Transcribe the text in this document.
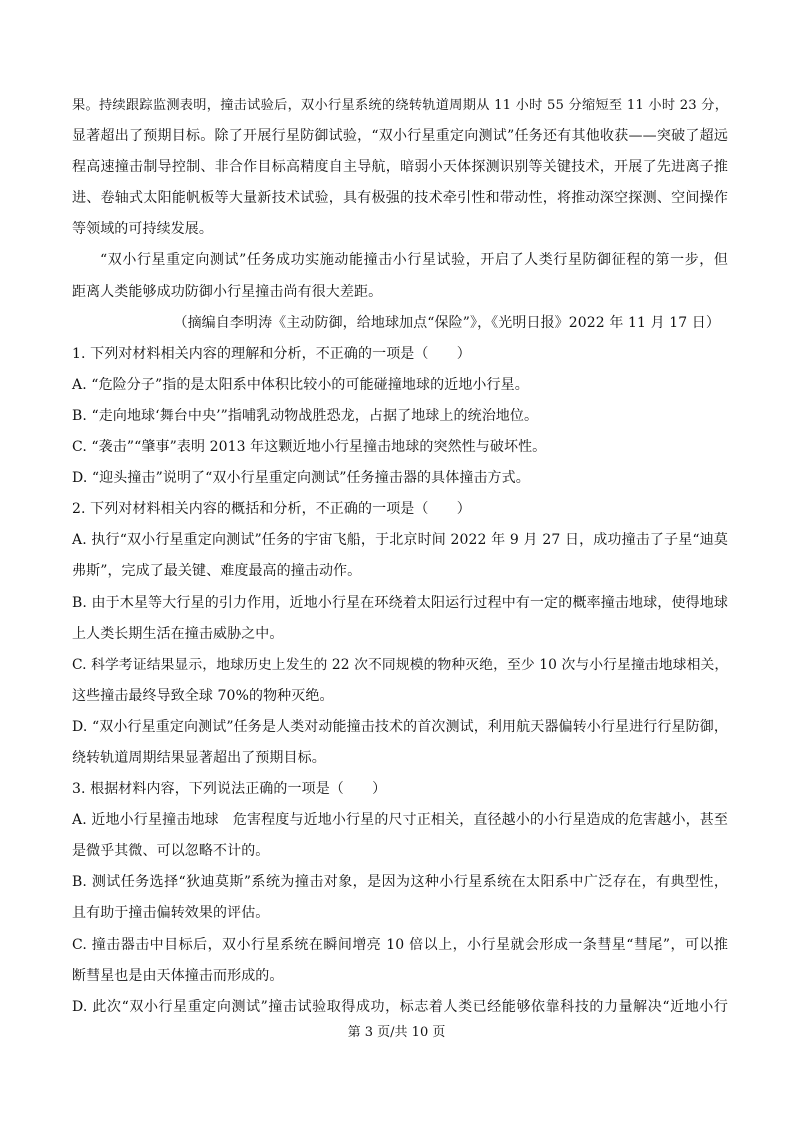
果。持续跟踪监测表明，撞击试验后，双小行星系统的绕转轨道周期从 11 小时 55 分缩短至 11 小时 23 分，
显著超出了预期目标。除了开展行星防御试验，“双小行星重定向测试”任务还有其他收获——突破了超远
程高速撞击制导控制、非合作目标高精度自主导航，暗弱小天体探测识别等关键技术，开展了先进离子推
进、卷轴式太阳能帆板等大量新技术试验，具有极强的技术牵引性和带动性，将推动深空探测、空间操作
等领域的可持续发展。
“双小行星重定向测试”任务成功实施动能撞击小行星试验，开启了人类行星防御征程的第一步，但
距离人类能够成功防御小行星撞击尚有很大差距。
（摘编自李明涛《主动防御，给地球加点“保险”》，《光明日报》2022 年 11 月 17 日）
1. 下列对材料相关内容的理解和分析，不正确的一项是（　　）
A. “危险分子”指的是太阳系中体积比较小的可能碰撞地球的近地小行星。
B. “走向地球‘舞台中央’”指哺乳动物战胜恐龙，占据了地球上的统治地位。
C. “袭击”“肇事”表明 2013 年这颗近地小行星撞击地球的突然性与破坏性。
D. “迎头撞击”说明了“双小行星重定向测试”任务撞击器的具体撞击方式。
2. 下列对材料相关内容的概括和分析，不正确的一项是（　　）
A. 执行“双小行星重定向测试”任务的宇宙飞船，于北京时间 2022 年 9 月 27 日，成功撞击了子星“迪莫
弗斯”，完成了最关键、难度最高的撞击动作。
B. 由于木星等大行星的引力作用，近地小行星在环绕着太阳运行过程中有一定的概率撞击地球，使得地球
上人类长期生活在撞击威胁之中。
C. 科学考证结果显示，地球历史上发生的 22 次不同规模的物种灭绝，至少 10 次与小行星撞击地球相关，
这些撞击最终导致全球 70%的物种灭绝。
D. “双小行星重定向测试”任务是人类对动能撞击技术的首次测试，利用航天器偏转小行星进行行星防御，
绕转轨道周期结果显著超出了预期目标。
3. 根据材料内容，下列说法正确的一项是（　　）
A. 近地小行星撞击地球　危害程度与近地小行星的尺寸正相关，直径越小的小行星造成的危害越小，甚至
是微乎其微、可以忽略不计的。
B. 测试任务选择“狄迪莫斯”系统为撞击对象，是因为这种小行星系统在太阳系中广泛存在，有典型性，
且有助于撞击偏转效果的评估。
C. 撞击器击中目标后，双小行星系统在瞬间增亮 10 倍以上，小行星就会形成一条彗星“彗尾”，可以推
断彗星也是由天体撞击而形成的。
D. 此次“双小行星重定向测试”撞击试验取得成功，标志着人类已经能够依靠科技的力量解决“近地小行
第 3 页/共 10 页
